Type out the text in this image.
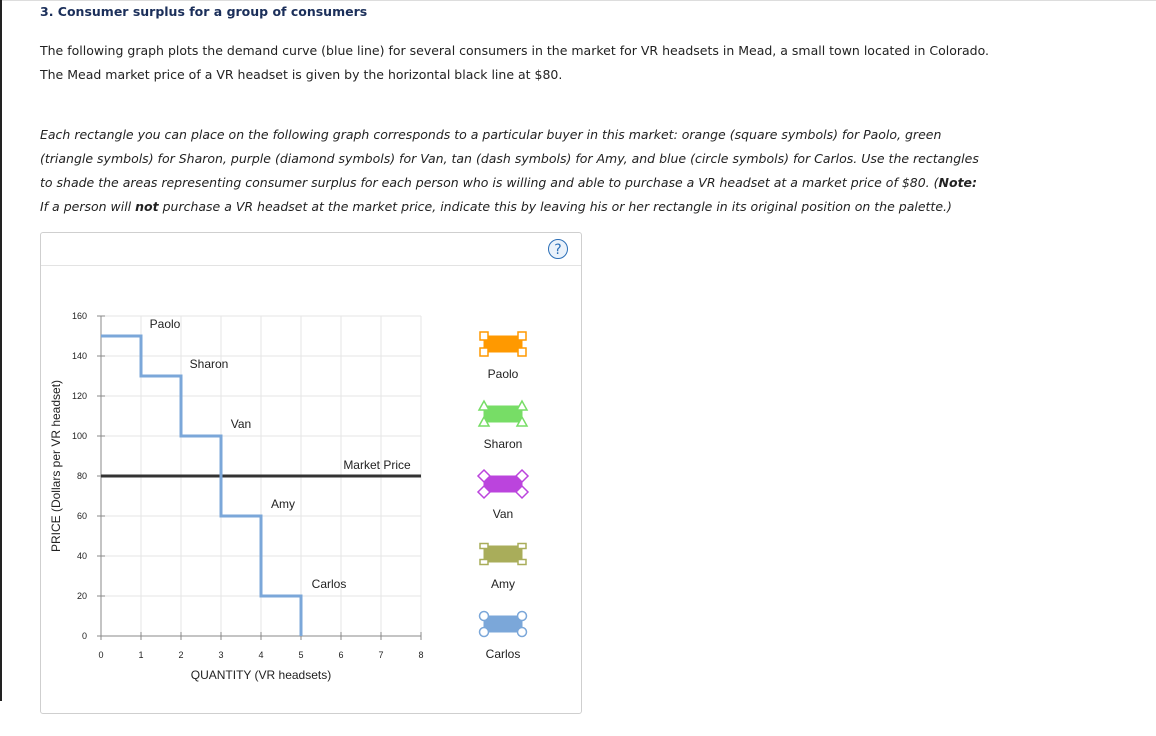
3. Consumer surplus for a group of consumers

The following graph plots the demand curve (blue line) for several consumers in the market for VR headsets in Mead, a small town located in Colorado.
The Mead market price of a VR headset is given by the horizontal black line at $80.

Each rectangle you can place on the following graph corresponds to a particular buyer in this market: orange (square symbols) for Paolo, green
(triangle symbols) for Sharon, purple (diamond symbols) for Van, tan (dash symbols) for Amy, and blue (circle symbols) for Carlos. Use the rectangles
to shade the areas representing consumer surplus for each person who is willing and able to purchase a VR headset at a market price of $80. (Note:
If a person will not purchase a VR headset at the market price, indicate this by leaving his or her rectangle in its original position on the palette.)

?
0	1	2	3	4	5	6	7	8
0
20
40
60
80
100
120
140
160
Market Price
Paolo
Sharon
Van
Amy
Carlos
Paolo
Sharon
Van
Amy
Carlos
QUANTITY (VR headsets)
PRICE (Dollars per VR headset)
